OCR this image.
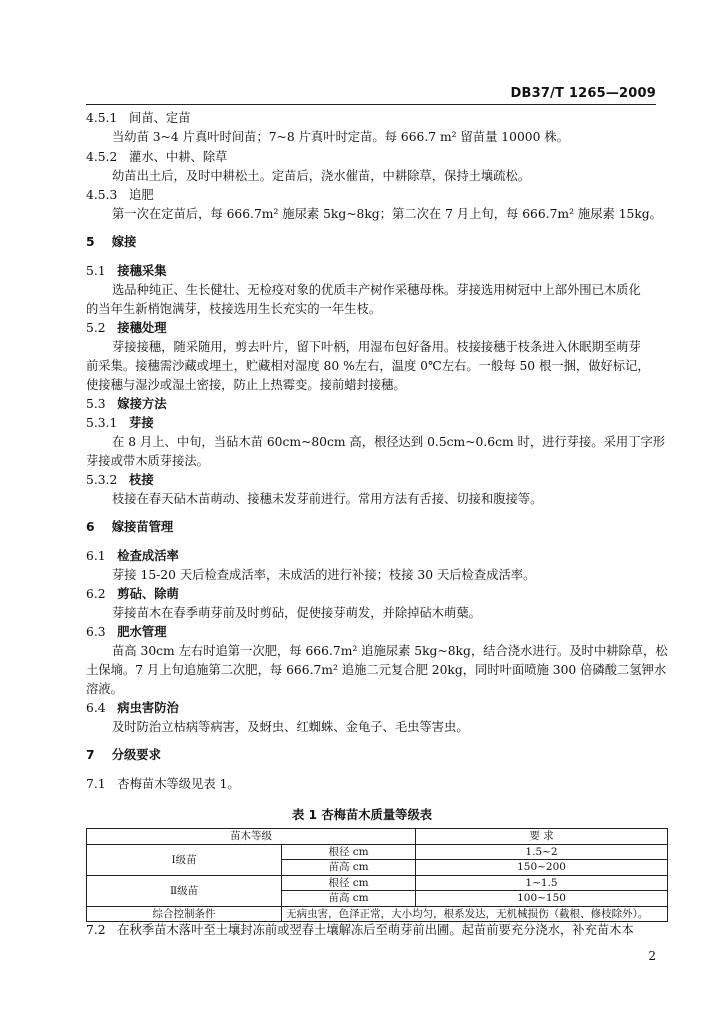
DB37/T 1265—2009
4.5.1 间苗、定苗
当幼苗 3~4 片真叶时间苗；7~8 片真叶时定苗。每 666.7 m² 留苗量 10000 株。
4.5.2 灌水、中耕、除草
幼苗出土后，及时中耕松土。定苗后，浇水催苗，中耕除草，保持土壤疏松。
4.5.3 追肥
第一次在定苗后，每 666.7m² 施尿素 5kg~8kg；第二次在 7 月上旬，每 666.7m² 施尿素 15kg。
5 嫁接
5.1 接穗采集
选品种纯正、生长健壮、无检疫对象的优质丰产树作采穗母株。芽接选用树冠中上部外围已木质化
的当年生新梢饱满芽，枝接选用生长充实的一年生枝。
5.2 接穗处理
芽接接穗，随采随用，剪去叶片，留下叶柄，用湿布包好备用。枝接接穗于枝条进入休眠期至萌芽
前采集。接穗需沙藏或埋土，贮藏相对湿度 80 %左右，温度 0℃左右。一般每 50 根一捆，做好标记，
使接穗与湿沙或湿土密接，防止上热霉变。接前蜡封接穗。
5.3 嫁接方法
5.3.1 芽接
在 8 月上、中旬，当砧木苗 60cm~80cm 高，根径达到 0.5cm~0.6cm 时，进行芽接。采用丁字形
芽接或带木质芽接法。
5.3.2 枝接
枝接在春天砧木苗萌动、接穗未发芽前进行。常用方法有舌接、切接和腹接等。
6 嫁接苗管理
6.1 检查成活率
芽接 15-20 天后检查成活率，未成活的进行补接；枝接 30 天后检查成活率。
6.2 剪砧、除萌
芽接苗木在春季萌芽前及时剪砧，促使接芽萌发，并除掉砧木萌蘖。
6.3 肥水管理
苗高 30cm 左右时追第一次肥，每 666.7m² 追施尿素 5kg~8kg，结合浇水进行。及时中耕除草，松
土保墒。7 月上旬追施第二次肥，每 666.7m² 追施二元复合肥 20kg，同时叶面喷施 300 倍磷酸二氢钾水
溶液。
6.4 病虫害防治
及时防治立枯病等病害，及蚜虫、红蜘蛛、金龟子、毛虫等害虫。
7 分级要求
7.1 杏梅苗木等级见表 1。
表 1 杏梅苗木质量等级表
苗木等级		要 求
Ⅰ级苗	根径 cm	1.5~2
	苗高 cm	150~200
Ⅱ级苗	根径 cm	1~1.5
	苗高 cm	100~150
综合控制条件	无病虫害，色泽正常，大小均匀，根系发达，无机械损伤（截根、修枝除外）。	
7.2 在秋季苗木落叶至土壤封冻前或翌春土壤解冻后至萌芽前出圃。起苗前要充分浇水，补充苗木本
2
